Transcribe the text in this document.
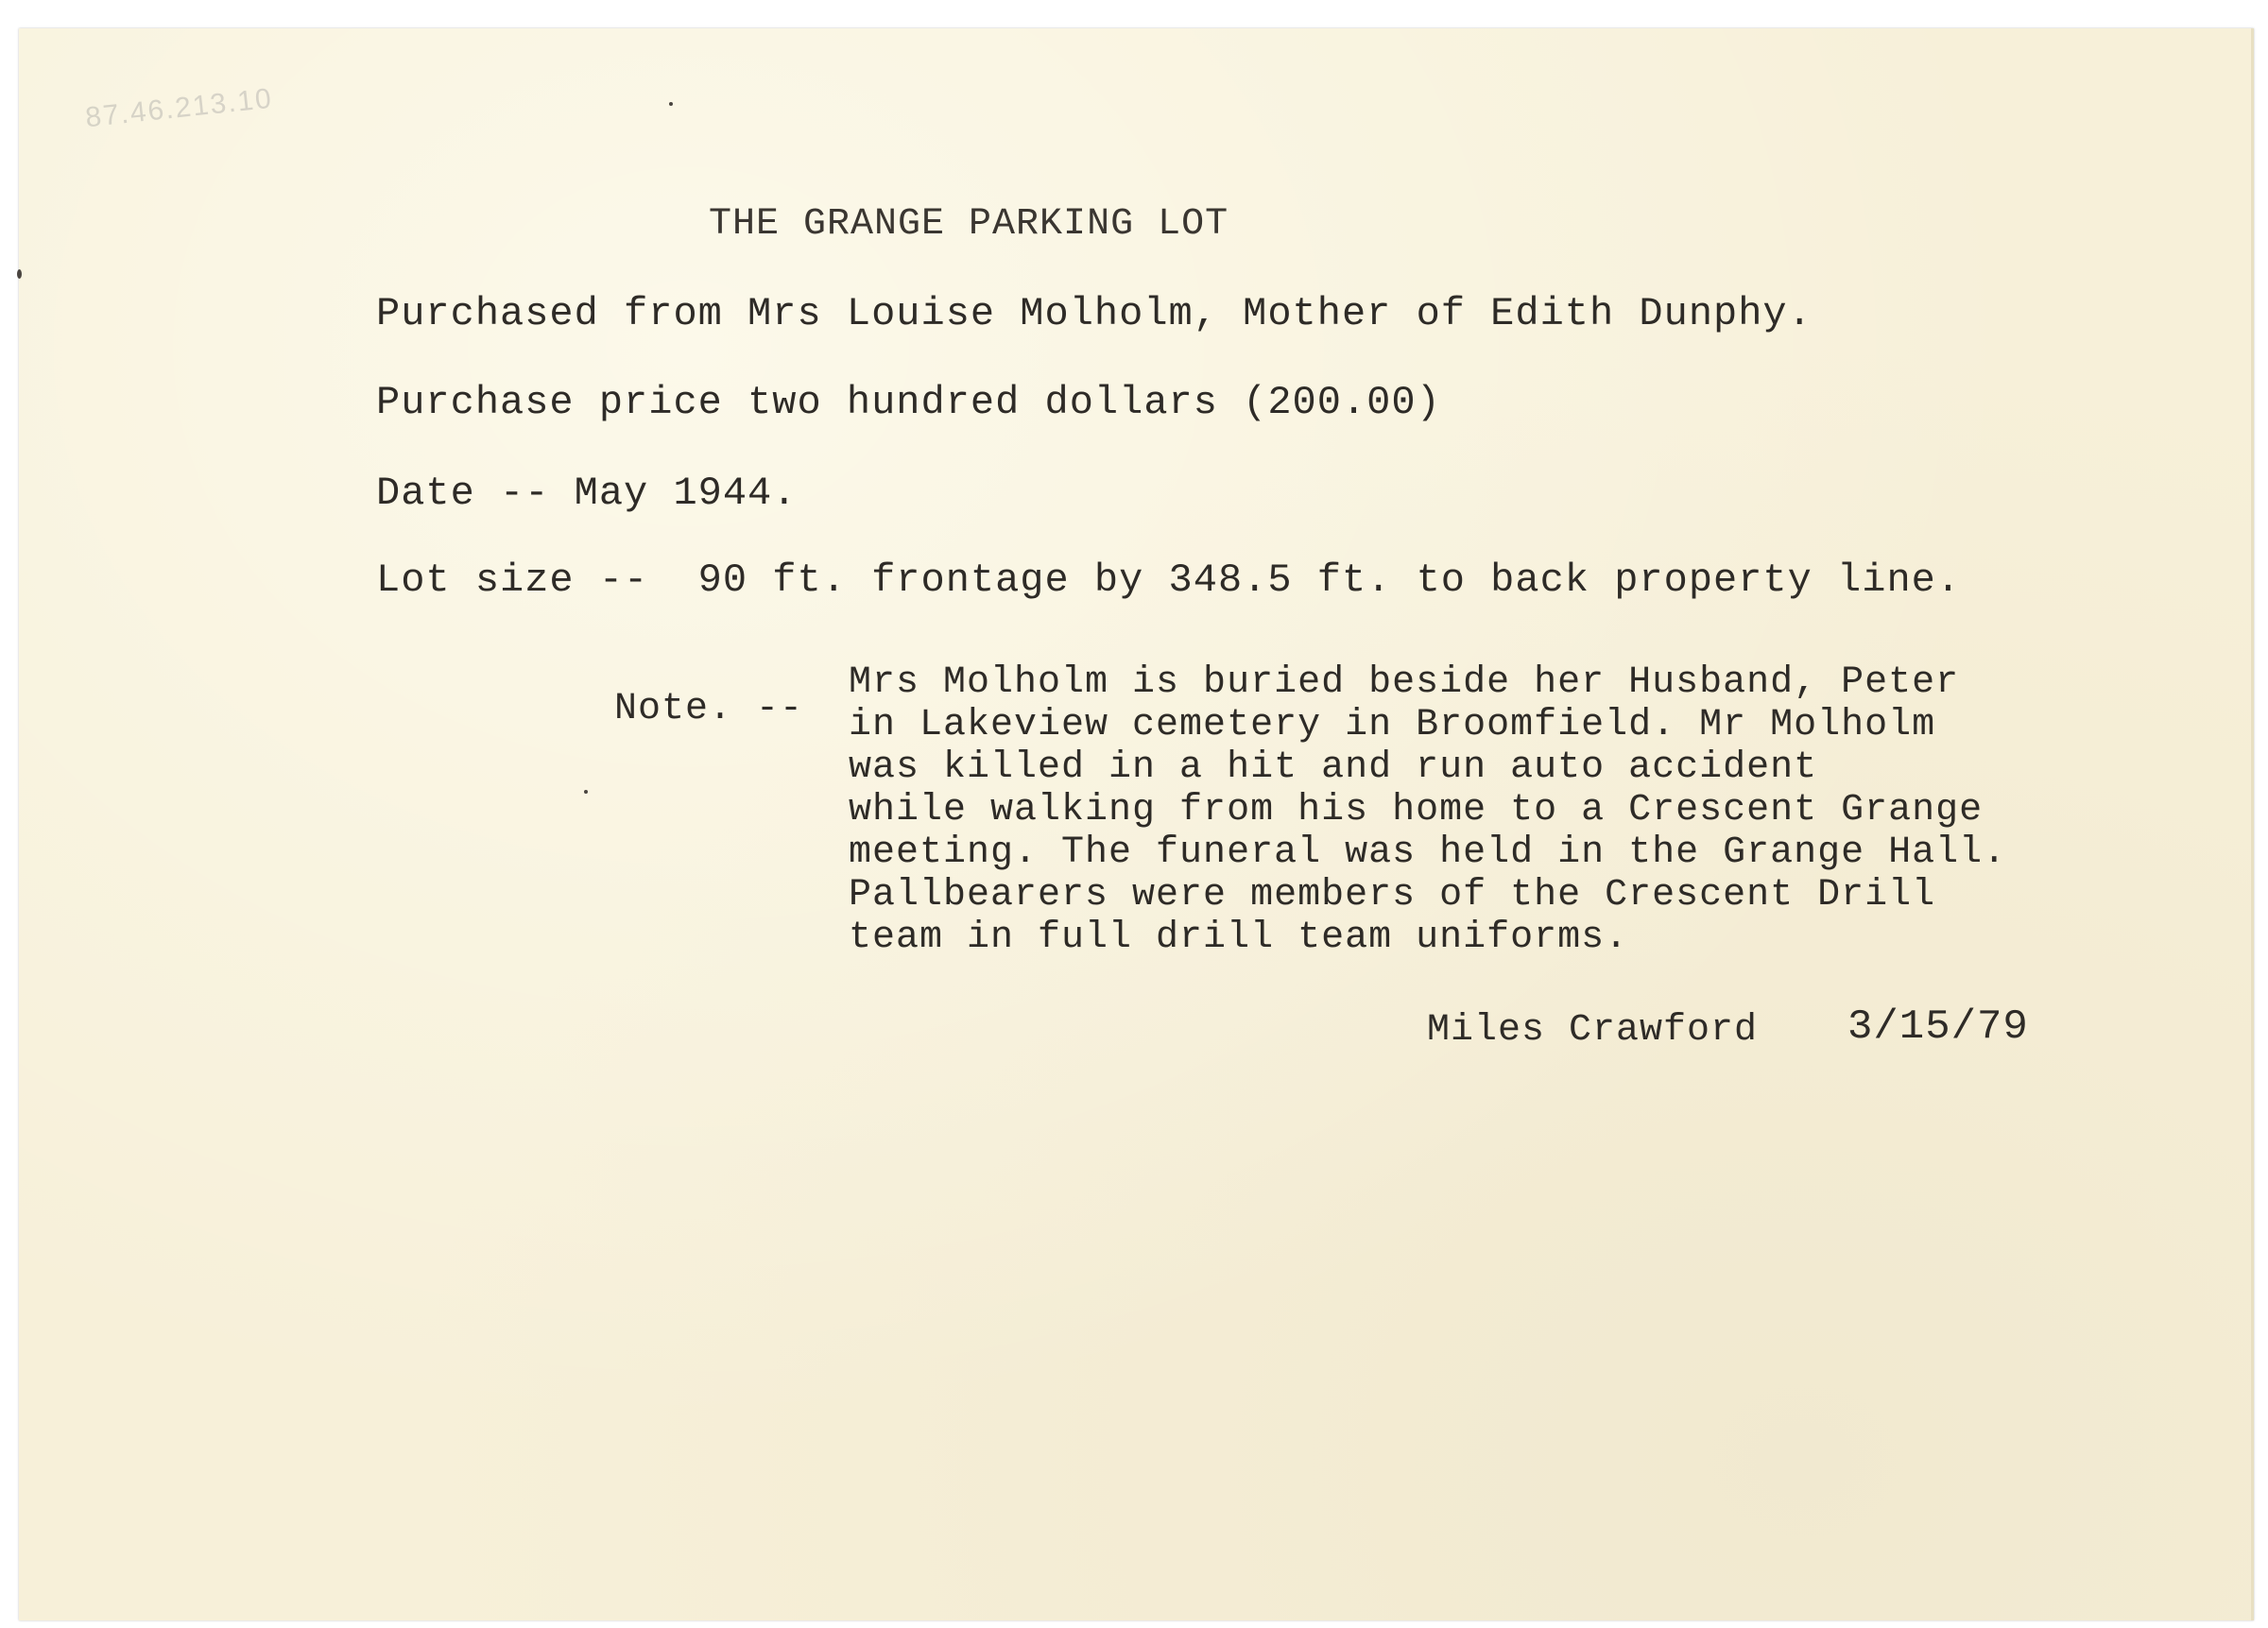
87.46.213.10
THE GRANGE PARKING LOT
Purchased from Mrs Louise Molholm, Mother of Edith Dunphy.
Purchase price two hundred dollars (200.00)
Date -- May 1944.
Lot size --  90 ft. frontage by 348.5 ft. to back property line.
Note. --
Mrs Molholm is buried beside her Husband, Peter
in Lakeview cemetery in Broomfield. Mr Molholm
was killed in a hit and run auto accident
while walking from his home to a Crescent Grange
meeting. The funeral was held in the Grange Hall.
Pallbearers were members of the Crescent Drill
team in full drill team uniforms.
Miles Crawford 3/15/79
